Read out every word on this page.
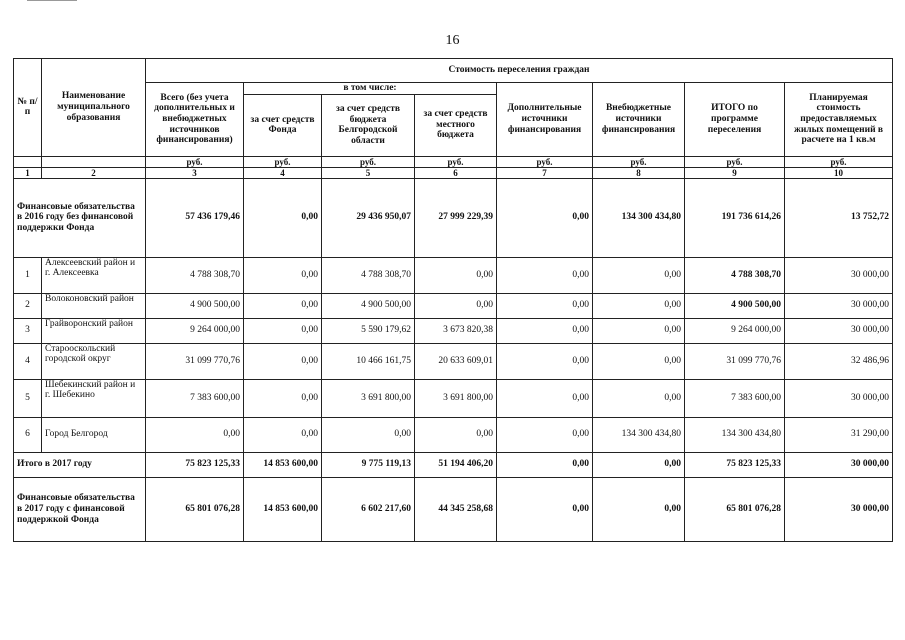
16
№ п/п	Наименование муниципального образования	Стоимость переселения граждан							
		Всего (без учета дополнительных и внебюджетных источников финансирования)	в том числе:			Дополнительные источники финансирования	Внебюджетные источники финансирования	ИТОГО по программе переселения	Планируемая стоимость предоставляемых жилых помещений в расчете на 1 кв.м
			за счет средств Фонда	за счет средств бюджета Белгородской области	за счет средств местного бюджета				
		руб.	руб.	руб.	руб.	руб.	руб.	руб.	руб.
1	2	3	4	5	6	7	8	9	10
Финансовые обязательства в 2016 году без финансовой поддержки Фонда		57 436 179,46	0,00	29 436 950,07	27 999 229,39	0,00	134 300 434,80	191 736 614,26	13 752,72
1	Алексеевский район и г. Алексеевка	4 788 308,70	0,00	4 788 308,70	0,00	0,00	0,00	4 788 308,70	30 000,00
2	Волоконовский район	4 900 500,00	0,00	4 900 500,00	0,00	0,00	0,00	4 900 500,00	30 000,00
3	Грайворонский район	9 264 000,00	0,00	5 590 179,62	3 673 820,38	0,00	0,00	9 264 000,00	30 000,00
4	Старооскольский городской округ	31 099 770,76	0,00	10 466 161,75	20 633 609,01	0,00	0,00	31 099 770,76	32 486,96
5	Шебекинский район и г. Шебекино	7 383 600,00	0,00	3 691 800,00	3 691 800,00	0,00	0,00	7 383 600,00	30 000,00
6	Город Белгород	0,00	0,00	0,00	0,00	0,00	134 300 434,80	134 300 434,80	31 290,00
Итого в 2017 году		75 823 125,33	14 853 600,00	9 775 119,13	51 194 406,20	0,00	0,00	75 823 125,33	30 000,00
Финансовые обязательства в 2017 году с финансовой поддержкой Фонда		65 801 076,28	14 853 600,00	6 602 217,60	44 345 258,68	0,00	0,00	65 801 076,28	30 000,00
